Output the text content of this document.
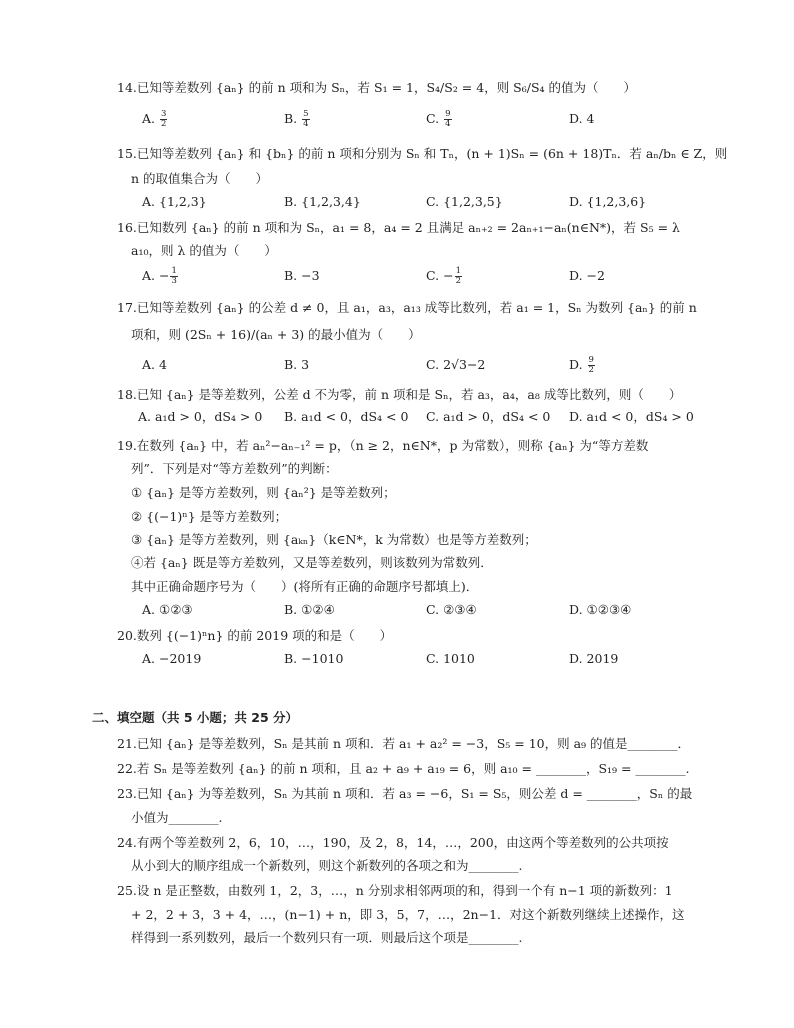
14.已知等差数列 {aₙ} 的前 n 项和为 Sₙ，若 S₁ = 1，S₄/S₂ = 4，则 S₆/S₄ 的值为（　　）
A. $\frac{3}{2}$	B. $\frac{5}{4}$	C. $\frac{9}{4}$	D. 4
15.已知等差数列 {aₙ} 和 {bₙ} 的前 n 项和分别为 Sₙ 和 Tₙ，(n + 1)Sₙ = (6n + 18)Tₙ．若 aₙ/bₙ ∈ Z，则
n 的取值集合为（　　）
A. {1,2,3}	B. {1,2,3,4}	C. {1,2,3,5}	D. {1,2,3,6}
16.已知数列 {aₙ} 的前 n 项和为 Sₙ，a₁ = 8，a₄ = 2 且满足 aₙ₊₂ = 2aₙ₊₁−aₙ(n∈N*)，若 S₅ = λ
a₁₀，则 λ 的值为（　　）
A. − $\frac{1}{3}$	B. −3	C. − $\frac{1}{2}$	D. −2
17.已知等差数列 {aₙ} 的公差 d ≠ 0，且 a₁，a₃，a₁₃ 成等比数列，若 a₁ = 1，Sₙ 为数列 {aₙ} 的前 n
项和，则 (2Sₙ + 16)/(aₙ + 3) 的最小值为（　　）
A. 4	B. 3	C. 2√3−2	D. $\frac{9}{2}$
18.已知 {aₙ} 是等差数列，公差 d 不为零，前 n 项和是 Sₙ，若 a₃，a₄，a₈ 成等比数列，则（　　）
A. a₁d > 0，dS₄ > 0 B. a₁d < 0，dS₄ < 0 C. a₁d > 0，dS₄ < 0 D. a₁d < 0，dS₄ > 0
19.在数列 {aₙ} 中，若 aₙ²−aₙ₋₁² = p，（n ≥ 2，n∈N*，p 为常数），则称 {aₙ} 为“等方差数
列”．下列是对“等方差数列”的判断：
① {aₙ} 是等方差数列，则 {aₙ²} 是等差数列；
② {(−1)ⁿ} 是等方差数列；
③ {aₙ} 是等方差数列，则 {aₖₙ}（k∈N*，k 为常数）也是等方差数列；
④若 {aₙ} 既是等方差数列，又是等差数列，则该数列为常数列．
其中正确命题序号为（　　）(将所有正确的命题序号都填上)．
A. ①②③	B. ①②④	C. ②③④	D. ①②③④
20.数列 {(−1)ⁿn} 的前 2019 项的和是（　　）
A. −2019	B. −1010	C. 1010	D. 2019
二、填空题（共 5 小题；共 25 分）
21.已知 {aₙ} 是等差数列，Sₙ 是其前 n 项和．若 a₁ + a₂² = −3，S₅ = 10，则 a₉ 的值是________．
22.若 Sₙ 是等差数列 {aₙ} 的前 n 项和，且 a₂ + a₉ + a₁₉ = 6，则 a₁₀ = ________，S₁₉ = ________.
23.已知 {aₙ} 为等差数列，Sₙ 为其前 n 项和．若 a₃ = −6，S₁ = S₅，则公差 d = ________，Sₙ 的最
小值为________.
24.有两个等差数列 2，6，10，…，190，及 2，8，14，…，200，由这两个等差数列的公共项按
从小到大的顺序组成一个新数列，则这个新数列的各项之和为________.
25.设 n 是正整数，由数列 1，2，3，…，n 分别求相邻两项的和，得到一个有 n−1 项的新数列：1
+ 2，2 + 3，3 + 4，…，(n−1) + n，即 3，5，7，…，2n−1．对这个新数列继续上述操作，这
样得到一系列数列，最后一个数列只有一项．则最后这个项是________.
